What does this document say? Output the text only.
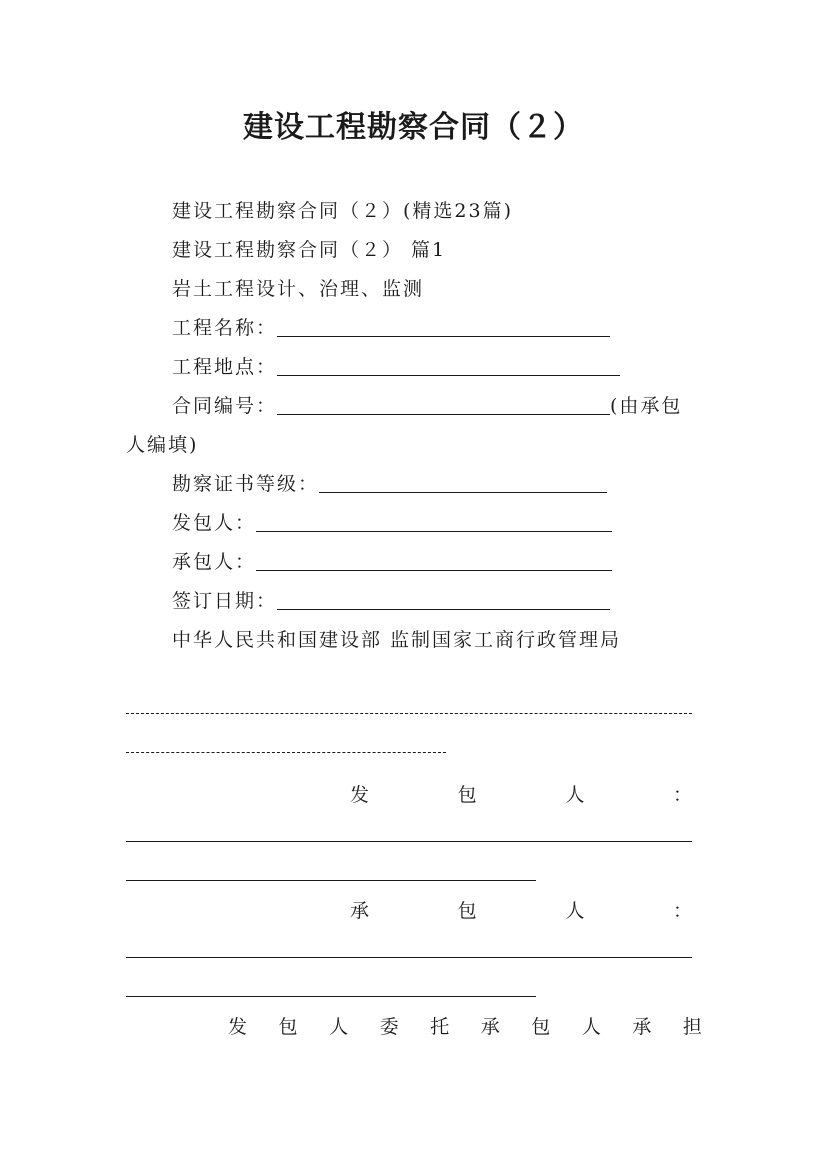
建设工程勘察合同（２）
建设工程勘察合同（２）(精选23篇)
建设工程勘察合同（２） 篇1
岩土工程设计、治理、监测
工程名称：
工程地点：
合同编号：	(由承包
人编填)
勘察证书等级：
发包人：
承包人：
签订日期：
中华人民共和国建设部 监制国家工商行政管理局
发	包	人	：
承	包	人	：
发 包 人 委 托 承 包 人 承 担
